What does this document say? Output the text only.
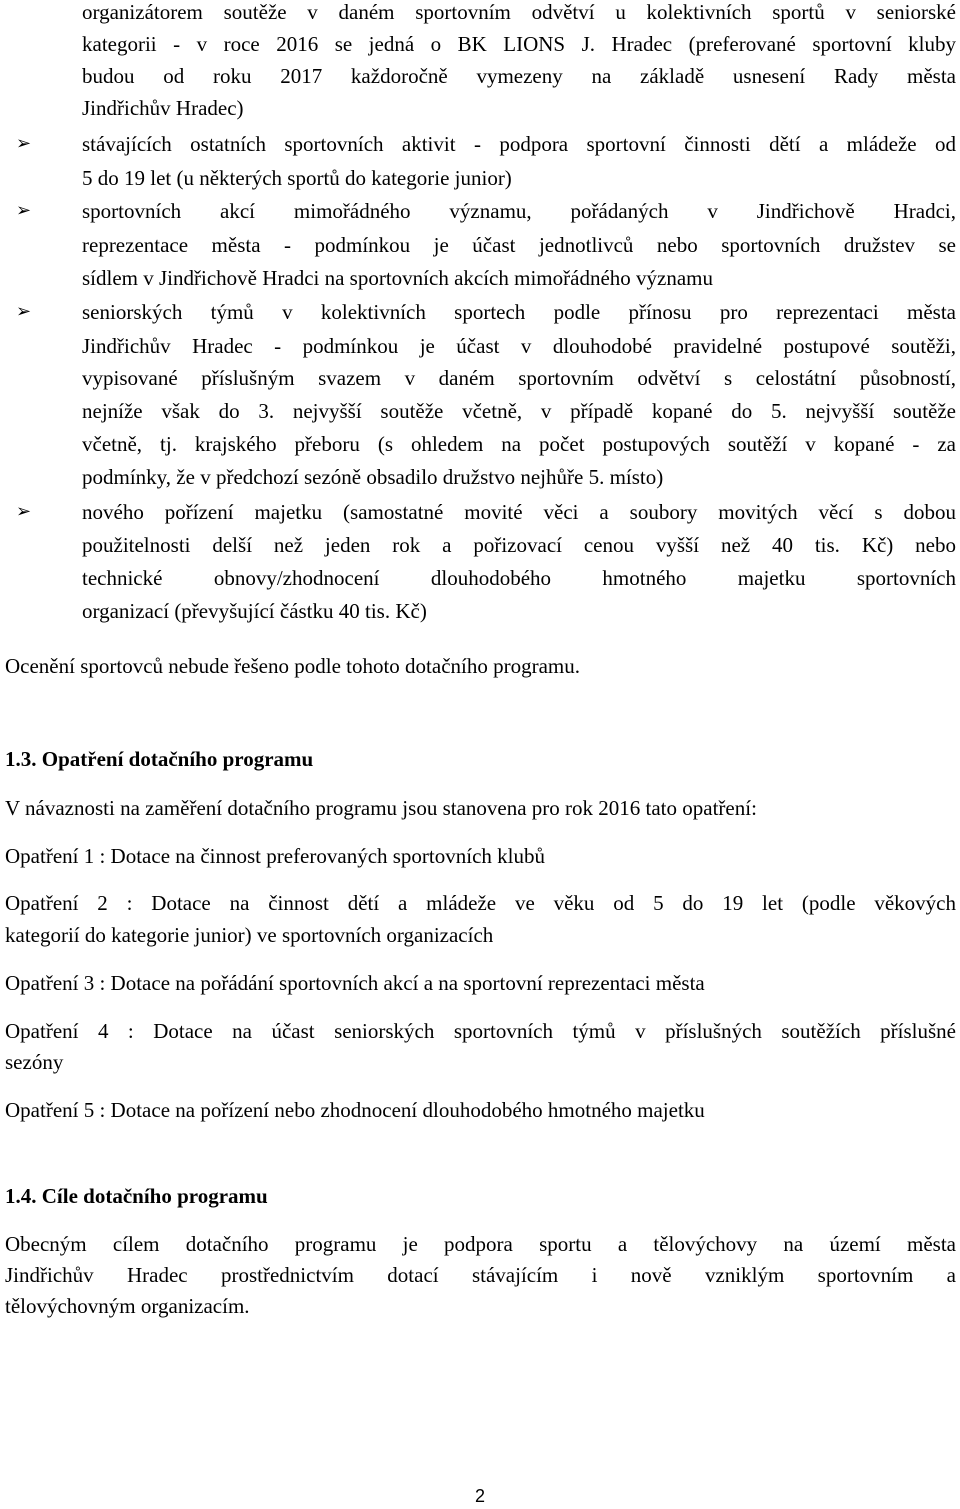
organizátorem soutěže v daném sportovním odvětví u kolektivních sportů v seniorské
kategorii - v roce 2016 se jedná o BK LIONS J. Hradec (preferované sportovní kluby
budou od roku 2017 každoročně vymezeny na základě usnesení Rady města
Jindřichův Hradec)
➢	stávajících ostatních sportovních aktivit - podpora sportovní činnosti dětí a mládeže od
5 do 19 let (u některých sportů do kategorie junior)
➢	sportovních akcí mimořádného významu, pořádaných v Jindřichově Hradci,
reprezentace města - podmínkou je účast jednotlivců nebo sportovních družstev se
sídlem v Jindřichově Hradci na sportovních akcích mimořádného významu
➢	seniorských týmů v kolektivních sportech podle přínosu pro reprezentaci města
Jindřichův Hradec - podmínkou je účast v dlouhodobé pravidelné postupové soutěži,
vypisované příslušným svazem v daném sportovním odvětví s celostátní působností,
nejníže však do 3. nejvyšší soutěže včetně, v případě kopané do 5. nejvyšší soutěže
včetně, tj. krajského přeboru (s ohledem na počet postupových soutěží v kopané - za
podmínky, že v předchozí sezóně obsadilo družstvo nejhůře 5. místo)
➢	nového pořízení majetku (samostatné movité věci a soubory movitých věcí s dobou
použitelnosti delší než jeden rok a pořizovací cenou vyšší než 40 tis. Kč) nebo
technické obnovy/zhodnocení dlouhodobého hmotného majetku sportovních
organizací (převyšující částku 40 tis. Kč)
Ocenění sportovců nebude řešeno podle tohoto dotačního programu.
1.3. Opatření dotačního programu
V návaznosti na zaměření dotačního programu jsou stanovena pro rok 2016 tato opatření:
Opatření 1 : Dotace na činnost preferovaných sportovních klubů
Opatření 2 : Dotace na činnost dětí a mládeže ve věku od 5 do 19 let (podle věkových
kategorií do kategorie junior) ve sportovních organizacích
Opatření 3 : Dotace na pořádání sportovních akcí a na sportovní reprezentaci města
Opatření 4 : Dotace na účast seniorských sportovních týmů v příslušných soutěžích příslušné
sezóny
Opatření 5 : Dotace na pořízení nebo zhodnocení dlouhodobého hmotného majetku
1.4. Cíle dotačního programu
Obecným cílem dotačního programu je podpora sportu a tělovýchovy na území města
Jindřichův Hradec prostřednictvím dotací stávajícím i nově vzniklým sportovním a
tělovýchovným organizacím.
2
